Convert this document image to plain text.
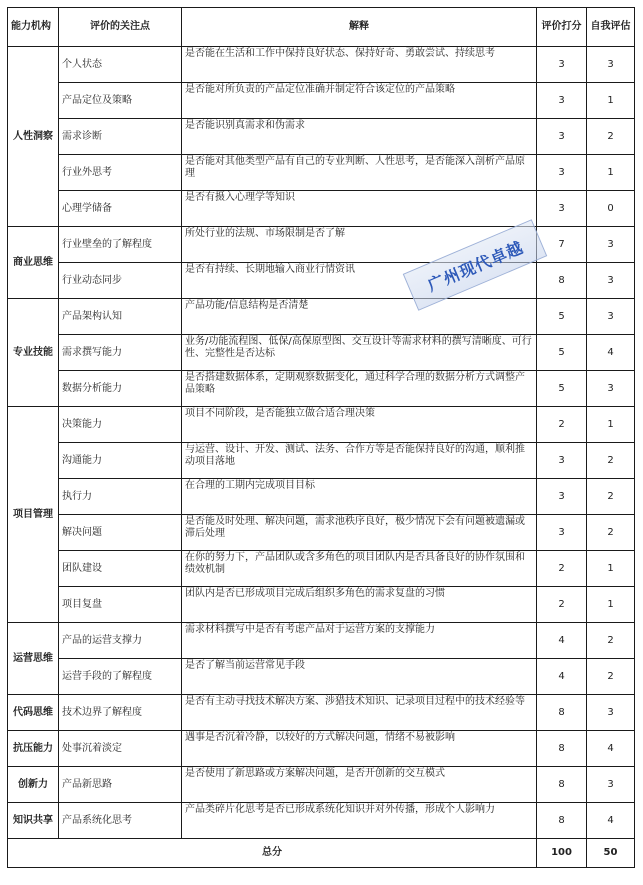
能力机构	评价的关注点	解释	评价打分	自我评估
人性洞察	个人状态	是否能在生活和工作中保持良好状态、保持好奇、勇敢尝试、持续思考	3	3
	产品定位及策略	是否能对所负责的产品定位准确并制定符合该定位的产品策略	3	1
	需求诊断	是否能识别真需求和伪需求	3	2
	行业外思考	是否能对其他类型产品有自己的专业判断、人性思考，是否能深入剖析产品原理	3	1
	心理学储备	是否有摄入心理学等知识	3	0
商业思维	行业壁垒的了解程度	所处行业的法规、市场限制是否了解	7	3
	行业动态同步	是否有持续、长期地输入商业行情资讯	8	3
专业技能	产品架构认知	产品功能/信息结构是否清楚	5	3
	需求撰写能力	业务/功能流程图、低保/高保原型图、交互设计等需求材料的撰写清晰度、可行性、完整性是否达标	5	4
	数据分析能力	是否搭建数据体系，定期观察数据变化，通过科学合理的数据分析方式调整产品策略	5	3
项目管理	决策能力	项目不同阶段，是否能独立做合适合理决策	2	1
	沟通能力	与运营、设计、开发、测试、法务、合作方等是否能保持良好的沟通，顺利推动项目落地	3	2
	执行力	在合理的工期内完成项目目标	3	2
	解决问题	是否能及时处理、解决问题，需求池秩序良好，极少情况下会有问题被遗漏或滞后处理	3	2
	团队建设	在你的努力下，产品团队或含多角色的项目团队内是否具备良好的协作氛围和绩效机制	2	1
	项目复盘	团队内是否已形成项目完成后组织多角色的需求复盘的习惯	2	1
运营思维	产品的运营支撑力	需求材料撰写中是否有考虑产品对于运营方案的支撑能力	4	2
	运营手段的了解程度	是否了解当前运营常见手段	4	2
代码思维	技术边界了解程度	是否有主动寻找技术解决方案、涉猎技术知识、记录项目过程中的技术经验等	8	3
抗压能力	处事沉着淡定	遇事是否沉着冷静，以较好的方式解决问题，情绪不易被影响	8	4
创新力	产品新思路	是否使用了新思路或方案解决问题，是否开创新的交互模式	8	3
知识共享	产品系统化思考	产品类碎片化思考是否已形成系统化知识并对外传播，形成个人影响力	8	4
总分			100	50
广州现代卓越
